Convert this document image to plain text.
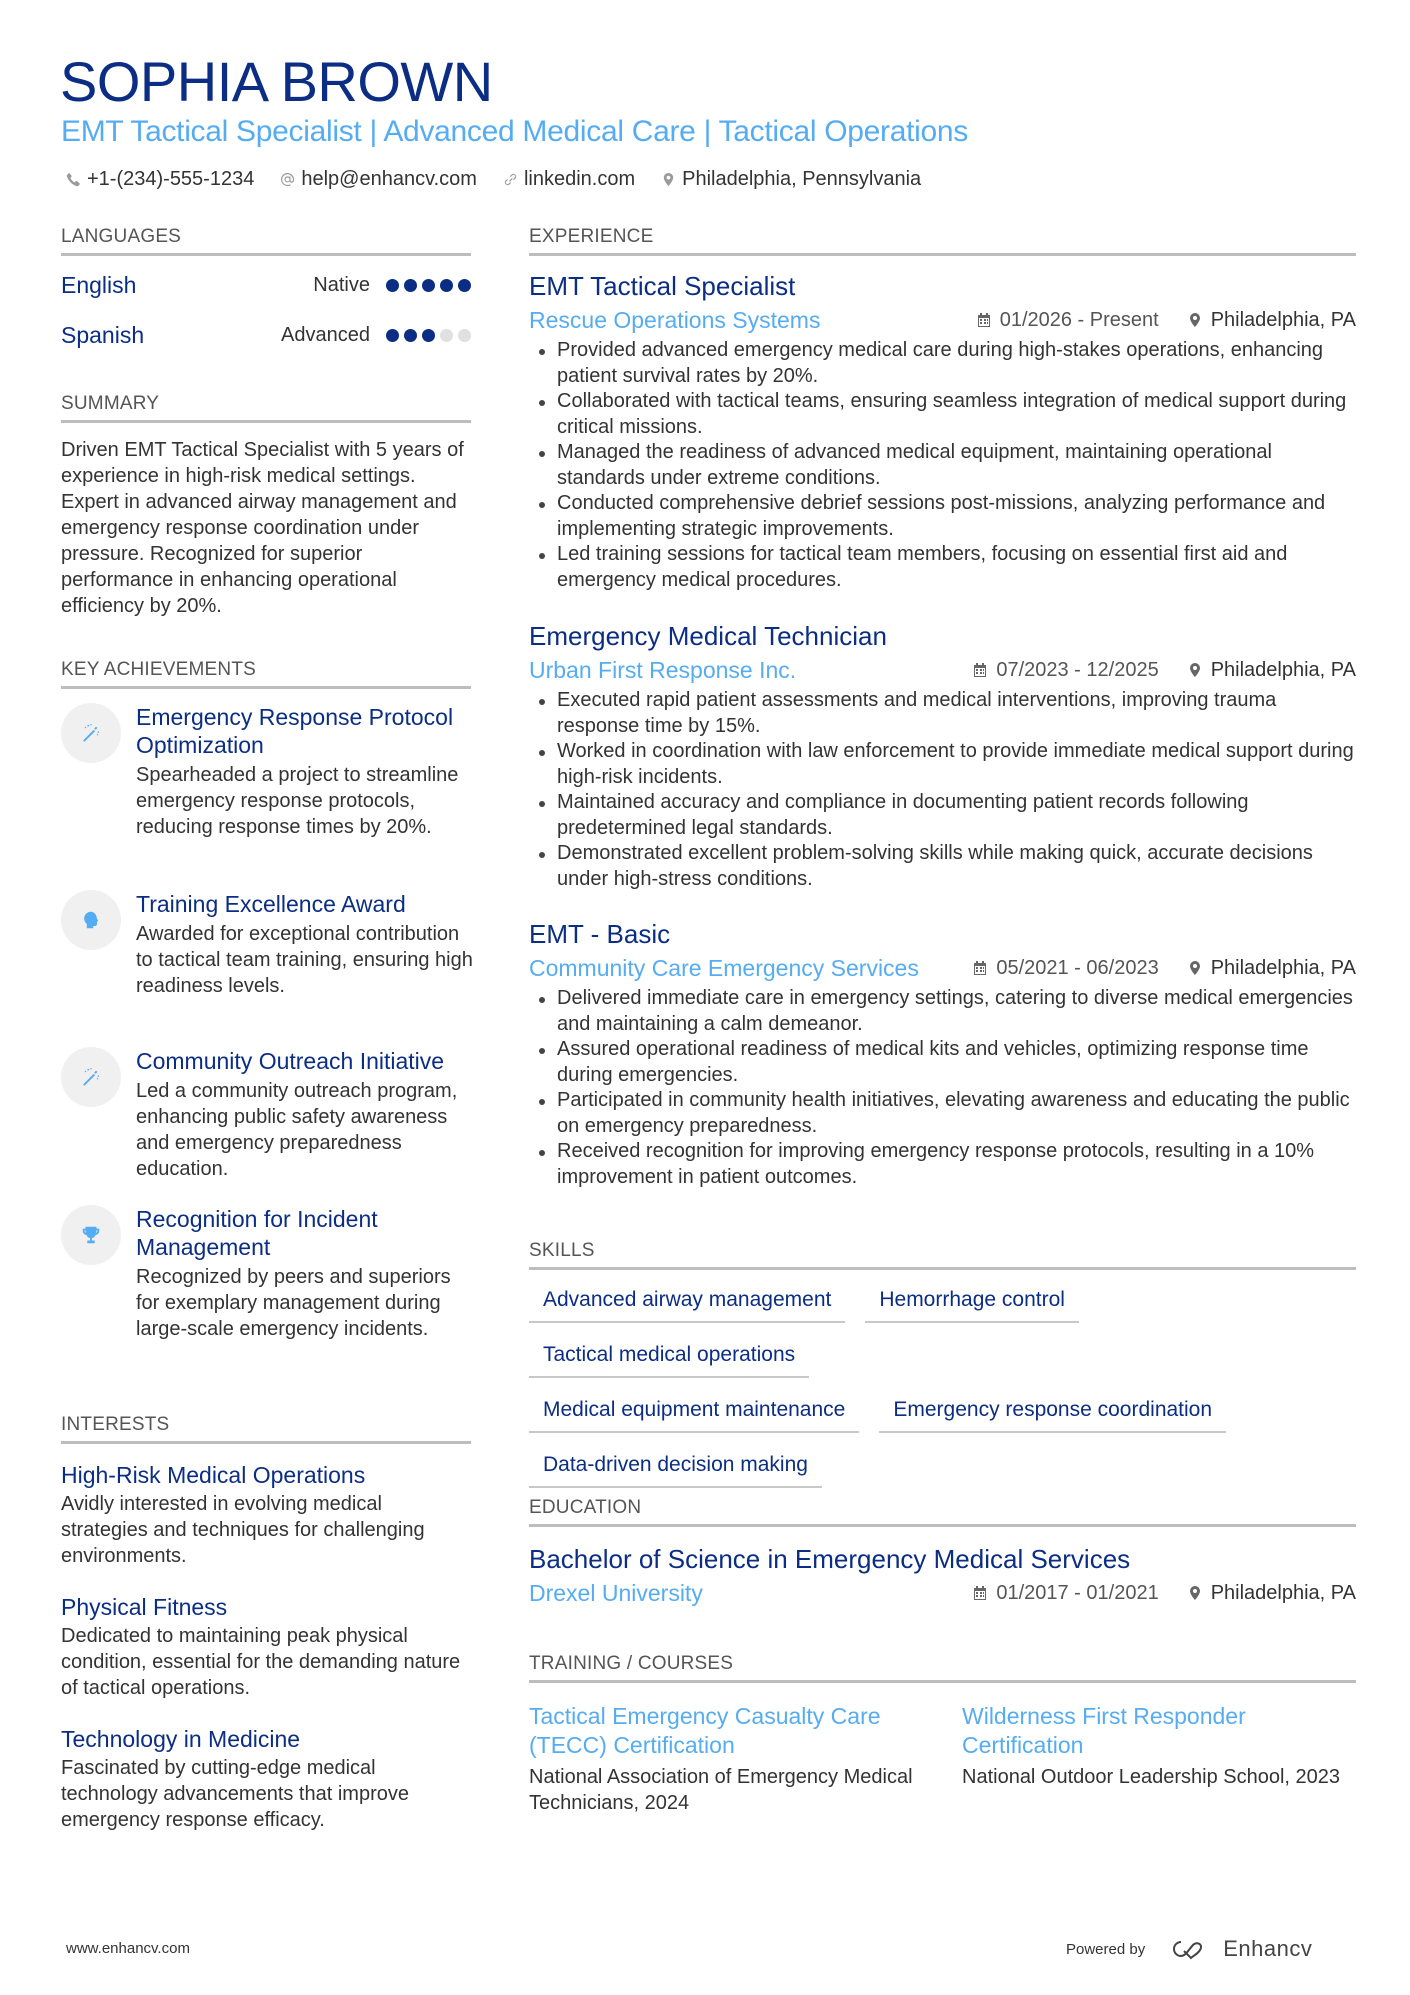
SOPHIA BROWN
EMT Tactical Specialist | Advanced Medical Care | Tactical Operations
+1-(234)-555-1234 help@enhancv.com linkedin.com Philadelphia, Pennsylvania
LANGUAGES
English	Native
Spanish	Advanced
SUMMARY
Driven EMT Tactical Specialist with 5 years of experience in high-risk medical settings. Expert in advanced airway management and emergency response coordination under pressure. Recognized for superior performance in enhancing operational efficiency by 20%.
KEY ACHIEVEMENTS
Emergency Response Protocol Optimization
Spearheaded a project to streamline emergency response protocols, reducing response times by 20%.
Training Excellence Award
Awarded for exceptional contribution to tactical team training, ensuring high readiness levels.
Community Outreach Initiative
Led a community outreach program, enhancing public safety awareness and emergency preparedness education.
Recognition for Incident Management
Recognized by peers and superiors for exemplary management during large-scale emergency incidents.
INTERESTS
High-Risk Medical Operations
Avidly interested in evolving medical strategies and techniques for challenging environments.
Physical Fitness
Dedicated to maintaining peak physical condition, essential for the demanding nature of tactical operations.
Technology in Medicine
Fascinated by cutting-edge medical technology advancements that improve emergency response efficacy.
EXPERIENCE
EMT Tactical Specialist
Rescue Operations Systems	01/2026 - Present	Philadelphia, PA
Provided advanced emergency medical care during high-stakes operations, enhancing patient survival rates by 20%.
Collaborated with tactical teams, ensuring seamless integration of medical support during critical missions.
Managed the readiness of advanced medical equipment, maintaining operational standards under extreme conditions.
Conducted comprehensive debrief sessions post-missions, analyzing performance and implementing strategic improvements.
Led training sessions for tactical team members, focusing on essential first aid and emergency medical procedures.
Emergency Medical Technician
Urban First Response Inc.	07/2023 - 12/2025	Philadelphia, PA
Executed rapid patient assessments and medical interventions, improving trauma response time by 15%.
Worked in coordination with law enforcement to provide immediate medical support during high-risk incidents.
Maintained accuracy and compliance in documenting patient records following predetermined legal standards.
Demonstrated excellent problem-solving skills while making quick, accurate decisions under high-stress conditions.
EMT - Basic
Community Care Emergency Services	05/2021 - 06/2023	Philadelphia, PA
Delivered immediate care in emergency settings, catering to diverse medical emergencies and maintaining a calm demeanor.
Assured operational readiness of medical kits and vehicles, optimizing response time during emergencies.
Participated in community health initiatives, elevating awareness and educating the public on emergency preparedness.
Received recognition for improving emergency response protocols, resulting in a 10% improvement in patient outcomes.
SKILLS
Advanced airway management	Hemorrhage control
Tactical medical operations
Medical equipment maintenance	Emergency response coordination
Data-driven decision making
EDUCATION
Bachelor of Science in Emergency Medical Services
Drexel University	01/2017 - 01/2021	Philadelphia, PA
TRAINING / COURSES
Tactical Emergency Casualty Care (TECC) Certification
National Association of Emergency Medical Technicians, 2024
Wilderness First Responder Certification
National Outdoor Leadership School, 2023
www.enhancv.com	Powered by	Enhancv
